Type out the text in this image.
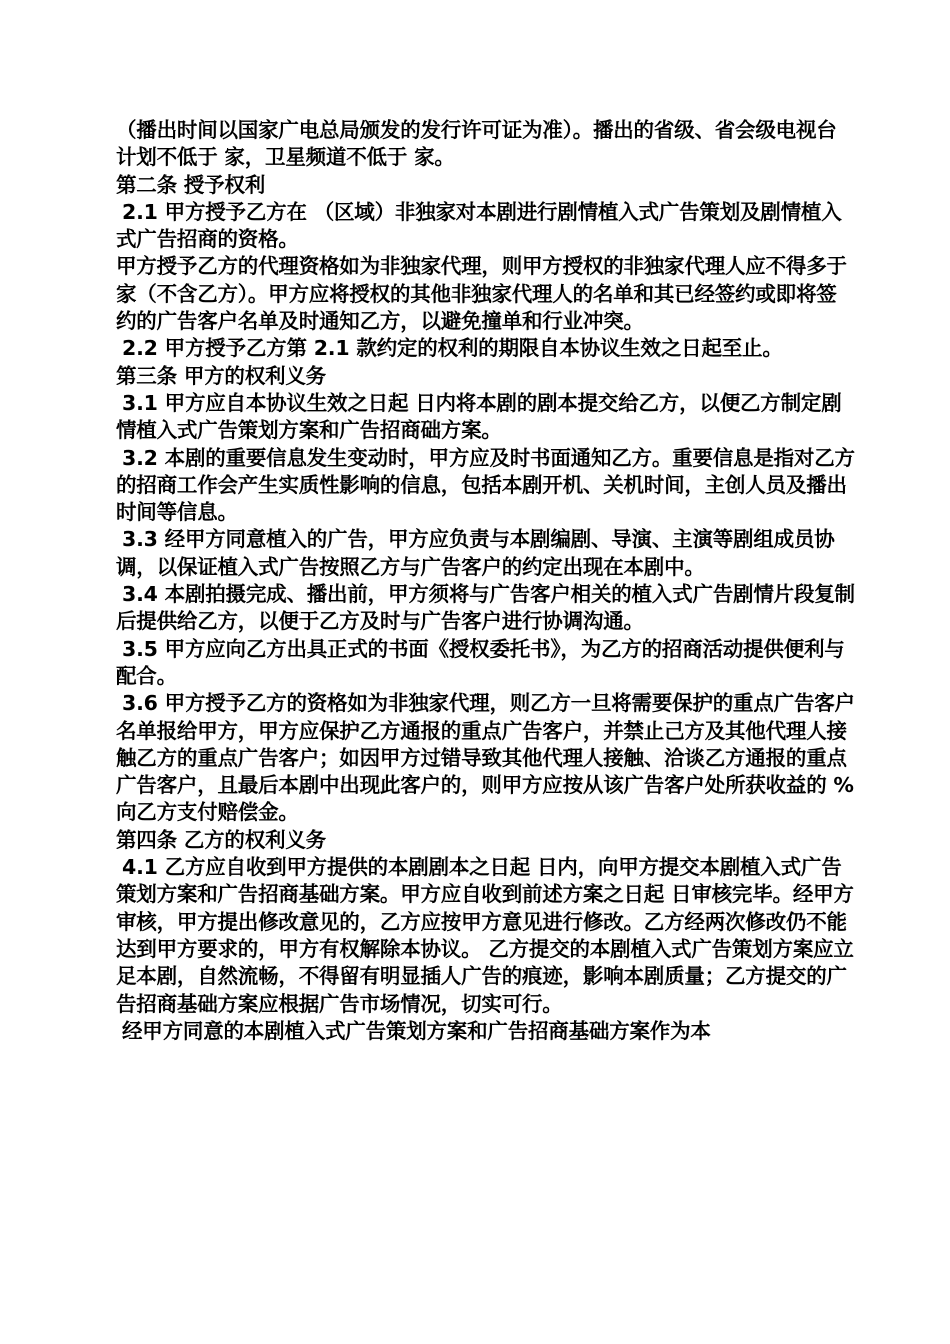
（播出时间以国家广电总局颁发的发行许可证为准）。播出的省级、省会级电视台计划不低于 家，卫星频道不低于 家。

第二条 授予权利

2.1 甲方授予乙方在 （区域）非独家对本剧进行剧情植入式广告策划及剧情植入式广告招商的资格。

甲方授予乙方的代理资格如为非独家代理，则甲方授权的非独家代理人应不得多于 家（不含乙方）。甲方应将授权的其他非独家代理人的名单和其已经签约或即将签约的广告客户名单及时通知乙方，以避免撞单和行业冲突。

2.2 甲方授予乙方第 2.1 款约定的权利的期限自本协议生效之日起至止。

第三条 甲方的权利义务

3.1 甲方应自本协议生效之日起 日内将本剧的剧本提交给乙方，以便乙方制定剧情植入式广告策划方案和广告招商础方案。

3.2 本剧的重要信息发生变动时，甲方应及时书面通知乙方。重要信息是指对乙方的招商工作会产生实质性影响的信息，包括本剧开机、关机时间，主创人员及播出时间等信息。

3.3 经甲方同意植入的广告，甲方应负责与本剧编剧、导演、主演等剧组成员协调，以保证植入式广告按照乙方与广告客户的约定出现在本剧中。

3.4 本剧拍摄完成、播出前，甲方须将与广告客户相关的植入式广告剧情片段复制后提供给乙方，以便于乙方及时与广告客户进行协调沟通。

3.5 甲方应向乙方出具正式的书面《授权委托书》，为乙方的招商活动提供便利与配合。

3.6 甲方授予乙方的资格如为非独家代理，则乙方一旦将需要保护的重点广告客户名单报给甲方，甲方应保护乙方通报的重点广告客户，并禁止己方及其他代理人接触乙方的重点广告客户；如因甲方过错导致其他代理人接触、洽谈乙方通报的重点广告客户，且最后本剧中出现此客户的，则甲方应按从该广告客户处所获收益的 %向乙方支付赔偿金。

第四条 乙方的权利义务

4.1 乙方应自收到甲方提供的本剧剧本之日起 日内，向甲方提交本剧植入式广告策划方案和广告招商基础方案。甲方应自收到前述方案之日起 日审核完毕。经甲方审核，甲方提出修改意见的，乙方应按甲方意见进行修改。乙方经两次修改仍不能达到甲方要求的，甲方有权解除本协议。 乙方提交的本剧植入式广告策划方案应立足本剧，自然流畅，不得留有明显插人广告的痕迹，影响本剧质量；乙方提交的广告招商基础方案应根据广告市场情况，切实可行。

经甲方同意的本剧植入式广告策划方案和广告招商基础方案作为本
